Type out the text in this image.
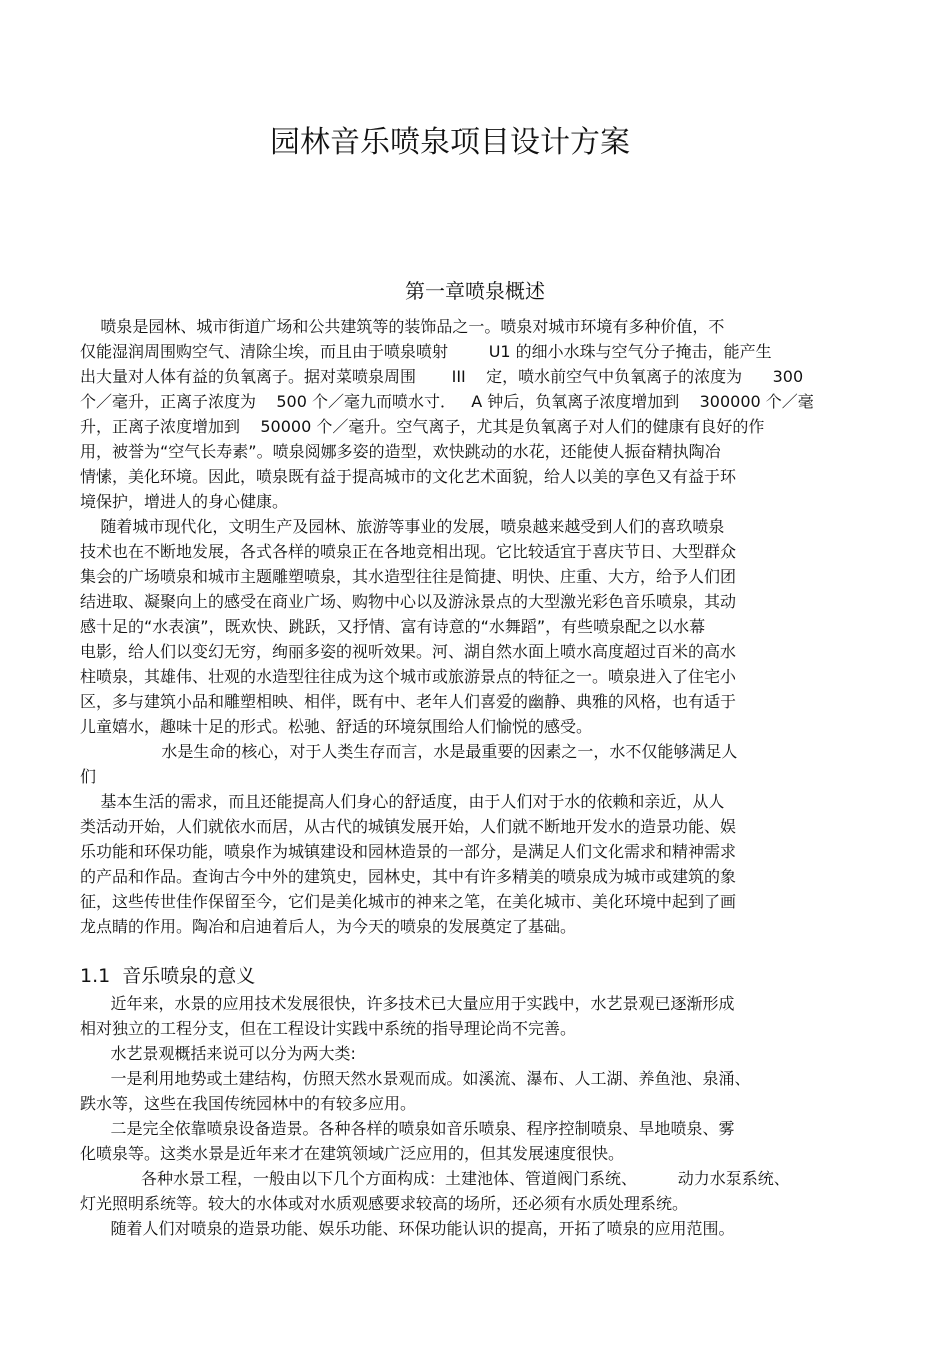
园林音乐喷泉项目设计方案
第一章喷泉概述
喷泉是园林、城市街道广场和公共建筑等的装饰品之一。喷泉对城市环境有多种价值，不
仅能湿润周围购空气、清除尘埃，而且由于喷泉喷射        U1 的细小水珠与空气分子掩击，能产生
出大量对人体有益的负氧离子。据对菜喷泉周围       III    定，喷水前空气中负氧离子的浓度为      300
个／毫升，正离子浓度为    500 个／毫九而喷水寸．   A 钟后，负氧离子浓度增加到    300000 个／毫
升，正离子浓度增加到    50000 个／毫升。空气离子，尤其是负氧离子对人们的健康有良好的作
用，被誉为“空气长寿素”。喷泉阅娜多姿的造型，欢快跳动的水花，还能使人振奋精执陶冶
情愫，美化环境。因此，喷泉既有益于提高城市的文化艺术面貌，给人以美的享色又有益于环
境保护，增进人的身心健康。
随着城市现代化，文明生产及园林、旅游等事业的发展，喷泉越来越受到人们的喜玖喷泉
技术也在不断地发展，各式各样的喷泉正在各地竞相出现。它比较适宜于喜庆节日、大型群众
集会的广场喷泉和城市主题雕塑喷泉，其水造型往往是简捷、明快、庄重、大方，给予人们团
结进取、凝聚向上的感受在商业广场、购物中心以及游泳景点的大型激光彩色音乐喷泉，其动
感十足的“水表演”，既欢快、跳跃，又抒情、富有诗意的“水舞蹈”，有些喷泉配之以水幕
电影，给人们以变幻无穷，绚丽多姿的视听效果。河、湖自然水面上喷水高度超过百米的高水
柱喷泉，其雄伟、壮观的水造型往往成为这个城市或旅游景点的特征之一。喷泉进入了住宅小
区，多与建筑小品和雕塑相映、相伴，既有中、老年人们喜爱的幽静、典雅的风格，也有适于
儿童嬉水，趣味十足的形式。松驰、舒适的环境氛围给人们愉悦的感受。
水是生命的核心，对于人类生存而言，水是最重要的因素之一，水不仅能够满足人
们
基本生活的需求，而且还能提高人们身心的舒适度，由于人们对于水的依赖和亲近，从人
类活动开始，人们就依水而居，从古代的城镇发展开始，人们就不断地开发水的造景功能、娱
乐功能和环保功能，喷泉作为城镇建设和园林造景的一部分，是满足人们文化需求和精神需求
的产品和作品。查询古今中外的建筑史，园林史，其中有许多精美的喷泉成为城市或建筑的象
征，这些传世佳作保留至今，它们是美化城市的神来之笔，在美化城市、美化环境中起到了画
龙点睛的作用。陶冶和启迪着后人，为今天的喷泉的发展奠定了基础。
1.1  音乐喷泉的意义
近年来，水景的应用技术发展很快，许多技术已大量应用于实践中，水艺景观已逐渐形成
相对独立的工程分支，但在工程设计实践中系统的指导理论尚不完善。
水艺景观概括来说可以分为两大类:
一是利用地势或土建结构，仿照天然水景观而成。如溪流、瀑布、人工湖、养鱼池、泉涌、
跌水等，这些在我国传统园林中的有较多应用。
二是完全依靠喷泉设备造景。各种各样的喷泉如音乐喷泉、程序控制喷泉、旱地喷泉、雾
化喷泉等。这类水景是近年来才在建筑领域广泛应用的，但其发展速度很快。
各种水景工程，一般由以下几个方面构成：土建池体、管道阀门系统、        动力水泵系统、
灯光照明系统等。较大的水体或对水质观感要求较高的场所，还必须有水质处理系统。
随着人们对喷泉的造景功能、娱乐功能、环保功能认识的提高，开拓了喷泉的应用范围。
